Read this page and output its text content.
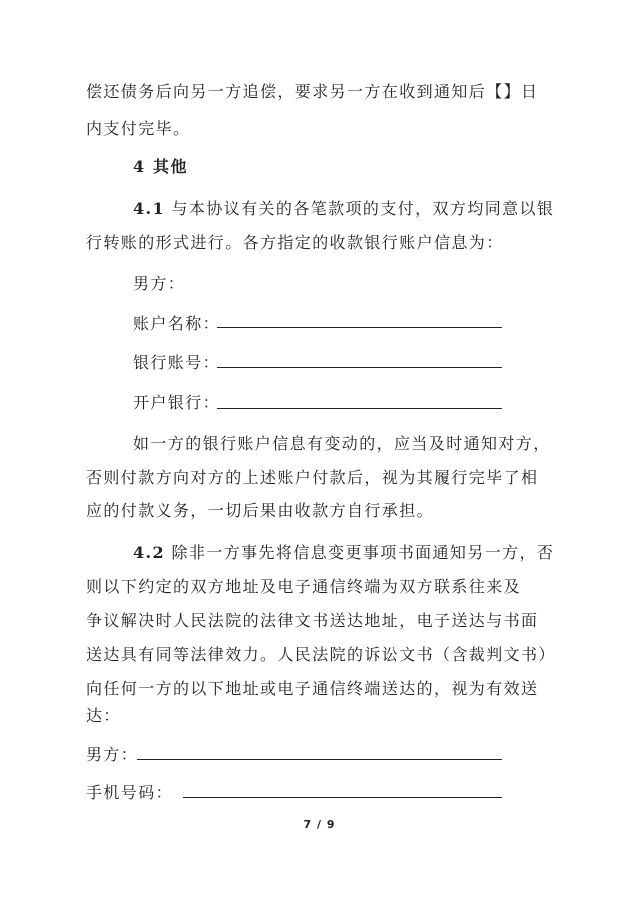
偿还债务后向另一方追偿，要求另一方在收到通知后【】日
内支付完毕。
4 其他
4.1 与本协议有关的各笔款项的支付，双方均同意以银
行转账的形式进行。各方指定的收款银行账户信息为：
男方：
账户名称：
银行账号：
开户银行：
如一方的银行账户信息有变动的，应当及时通知对方，
否则付款方向对方的上述账户付款后，视为其履行完毕了相
应的付款义务，一切后果由收款方自行承担。
4.2 除非一方事先将信息变更事项书面通知另一方，否
则以下约定的双方地址及电子通信终端为双方联系往来及
争议解决时人民法院的法律文书送达地址，电子送达与书面
送达具有同等法律效力。人民法院的诉讼文书（含裁判文书）
向任何一方的以下地址或电子通信终端送达的，视为有效送
达：
男方：
手机号码：
7 / 9
